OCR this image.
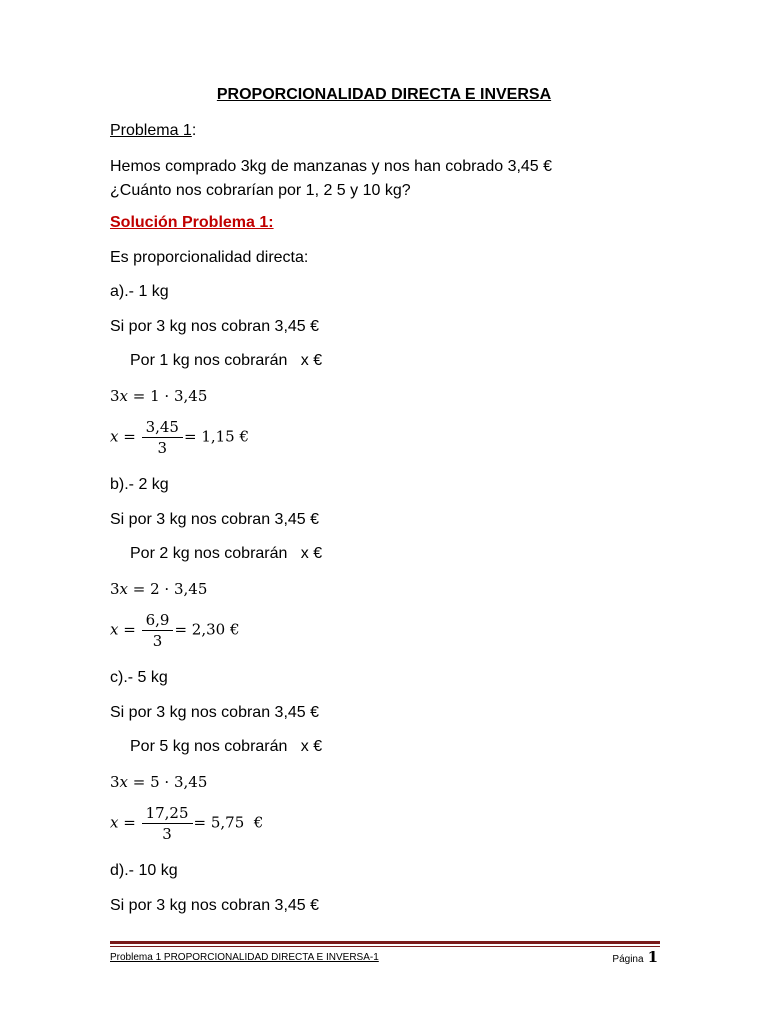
PROPORCIONALIDAD DIRECTA E INVERSA
Problema 1:
Hemos comprado 3kg de manzanas y nos han cobrado 3,45 €
¿Cuánto nos cobrarían por 1, 2 5 y 10 kg?
Solución Problema 1:
Es proporcionalidad directa:
a).- 1 kg
Si por 3 kg nos cobran 3,45 €
Por 1 kg nos cobrarán   x €
3x = 1 · 3,45
$x = \frac{3,45}{3} = 1,15$ €
b).- 2 kg
Si por 3 kg nos cobran 3,45 €
Por 2 kg nos cobrarán   x €
3x = 2 · 3,45
$x = \frac{6,9}{3} = 2,30$ €
c).- 5 kg
Si por 3 kg nos cobran 3,45 €
Por 5 kg nos cobrarán   x €
3x = 5 · 3,45
$x = \frac{17,25}{3} = 5,75$  €
d).- 10 kg
Si por 3 kg nos cobran 3,45 €
Problema 1 PROPORCIONALIDAD DIRECTA E INVERSA-1	Página 1
